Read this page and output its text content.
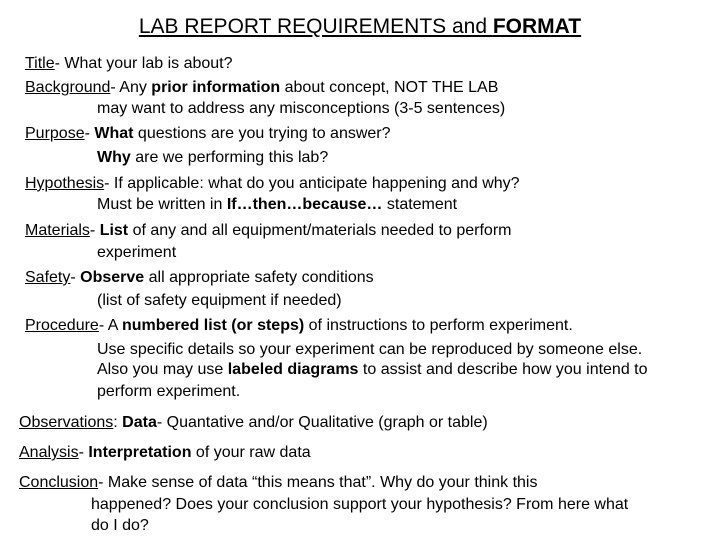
LAB REPORT REQUIREMENTS and FORMAT
Title- What your lab is about?
Background- Any prior information about concept, NOT THE LAB
may want to address any misconceptions (3-5 sentences)
Purpose- What questions are you trying to answer?
Why are we performing this lab?
Hypothesis- If applicable: what do you anticipate happening and why?
Must be written in If…then…because… statement
Materials- List of any and all equipment/materials needed to perform
experiment
Safety- Observe all appropriate safety conditions
(list of safety equipment if needed)
Procedure- A numbered list (or steps) of instructions to perform experiment.
Use specific details so your experiment can be reproduced by someone else.
Also you may use labeled diagrams to assist and describe how you intend to
perform experiment.
Observations: Data- Quantative and/or Qualitative (graph or table)
Analysis- Interpretation of your raw data
Conclusion- Make sense of data “this means that”. Why do your think this
happened? Does your conclusion support your hypothesis? From here what
do I do?
